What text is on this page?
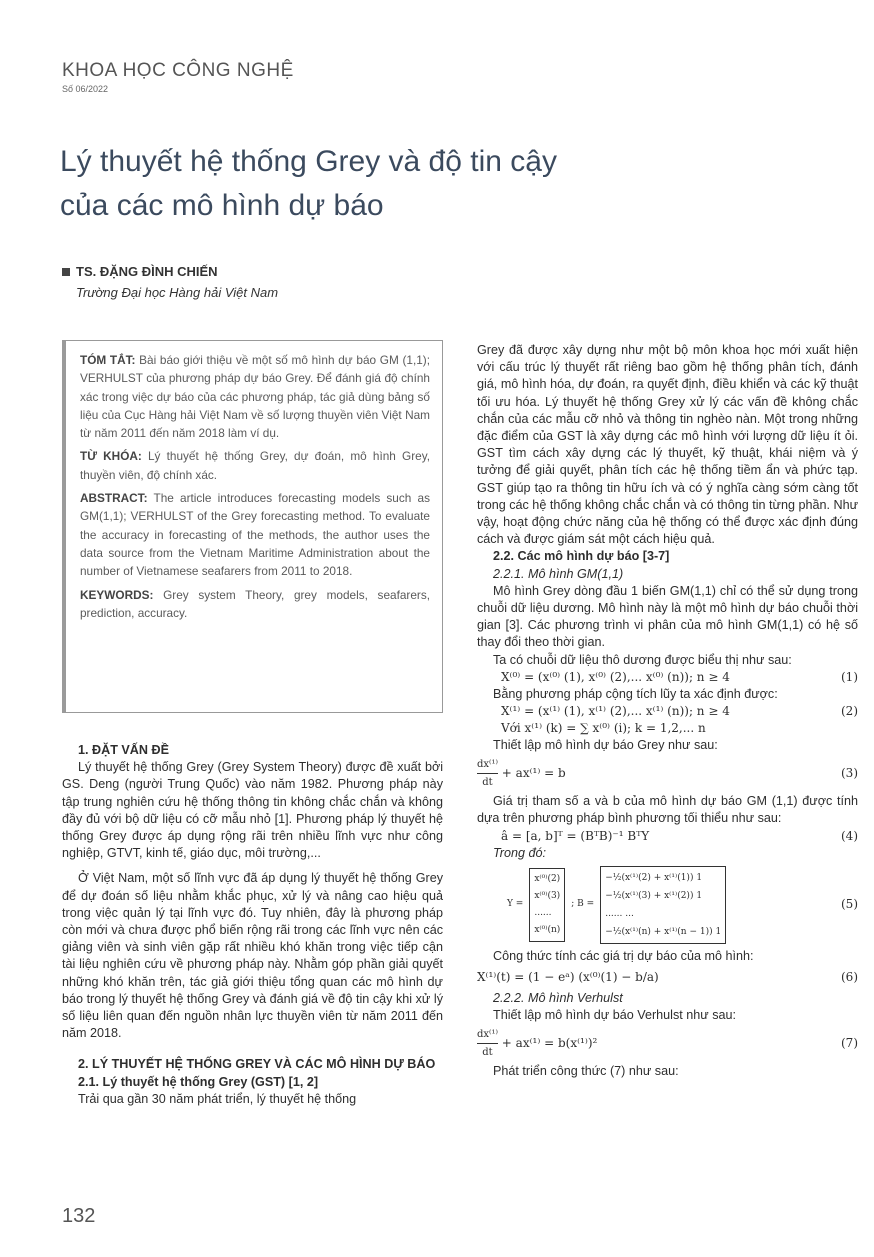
KHOA HỌC CÔNG NGHỆ
Số 06/2022
Lý thuyết hệ thống Grey và độ tin cậy
của các mô hình dự báo
TS. ĐẶNG ĐÌNH CHIẾN
Trường Đại học Hàng hải Việt Nam

TÓM TẮT: Bài báo giới thiệu về một số mô hình dự báo GM (1,1); VERHULST của phương pháp dự báo Grey. Để đánh giá độ chính xác trong việc dự báo của các phương pháp, tác giả dùng bảng số liệu của Cục Hàng hải Việt Nam về số lượng thuyền viên Việt Nam từ năm 2011 đến năm 2018 làm ví dụ.

TỪ KHÓA: Lý thuyết hệ thống Grey, dự đoán, mô hình Grey, thuyền viên, độ chính xác.

ABSTRACT: The article introduces forecasting models such as GM(1,1); VERHULST of the Grey forecasting method. To evaluate the accuracy in forecasting of the methods, the author uses the data source from the Vietnam Maritime Administration about the number of Vietnamese seafarers from 2011 to 2018.

KEYWORDS: Grey system Theory, grey models, seafarers, prediction, accuracy.

1. ĐẶT VẤN ĐỀ

Lý thuyết hệ thống Grey (Grey System Theory) được đề xuất bởi GS. Deng (người Trung Quốc) vào năm 1982. Phương pháp này tập trung nghiên cứu hệ thống thông tin không chắc chắn và không đầy đủ với bộ dữ liệu có cỡ mẫu nhỏ [1]. Phương pháp lý thuyết hệ thống Grey được áp dụng rộng rãi trên nhiều lĩnh vực như công nghiệp, GTVT, kinh tế, giáo dục, môi trường,...

Ở Việt Nam, một số lĩnh vực đã áp dụng lý thuyết hệ thống Grey để dự đoán số liệu nhằm khắc phục, xử lý và nâng cao hiệu quả trong việc quản lý tại lĩnh vực đó. Tuy nhiên, đây là phương pháp còn mới và chưa được phổ biến rộng rãi trong các lĩnh vực nên các giảng viên và sinh viên gặp rất nhiều khó khăn trong việc tiếp cận tài liệu nghiên cứu về phương pháp này. Nhằm góp phần giải quyết những khó khăn trên, tác giả giới thiệu tổng quan các mô hình dự báo trong lý thuyết hệ thống Grey và đánh giá về độ tin cậy khi xử lý số liệu liên quan đến nguồn nhân lực thuyền viên từ năm 2011 đến năm 2018.

2. LÝ THUYẾT HỆ THỐNG GREY VÀ CÁC MÔ HÌNH DỰ BÁO

2.1. Lý thuyết hệ thống Grey (GST) [1, 2]

Trải qua gần 30 năm phát triển, lý thuyết hệ thống

Grey đã được xây dựng như một bộ môn khoa học mới xuất hiện với cấu trúc lý thuyết rất riêng bao gồm hệ thống phân tích, đánh giá, mô hình hóa, dự đoán, ra quyết định, điều khiển và các kỹ thuật tối ưu hóa. Lý thuyết hệ thống Grey xử lý các vấn đề không chắc chắn của các mẫu cỡ nhỏ và thông tin nghèo nàn. Một trong những đặc điểm của GST là xây dựng các mô hình với lượng dữ liệu ít ỏi. GST tìm cách xây dựng các lý thuyết, kỹ thuật, khái niệm và ý tưởng để giải quyết, phân tích các hệ thống tiềm ẩn và phức tạp. GST giúp tạo ra thông tin hữu ích và có ý nghĩa càng sớm càng tốt trong các hệ thống không chắc chắn và có thông tin từng phần. Như vậy, hoạt động chức năng của hệ thống có thể được xác định đúng cách và được giám sát một cách hiệu quả.

2.2. Các mô hình dự báo [3-7]

2.2.1. Mô hình GM(1,1)

Mô hình Grey dòng đầu 1 biến GM(1,1) chỉ có thể sử dụng trong chuỗi dữ liệu dương. Mô hình này là một mô hình dự báo chuỗi thời gian [3]. Các phương trình vi phân của mô hình GM(1,1) có hệ số thay đổi theo thời gian.

Ta có chuỗi dữ liệu thô dương được biểu thị như sau:

X⁽⁰⁾ = (x⁽⁰⁾ (1), x⁽⁰⁾ (2),... x⁽⁰⁾ (n)); n ≥ 4	(1)

Bằng phương pháp cộng tích lũy ta xác định được:

X⁽¹⁾ = (x⁽¹⁾ (1), x⁽¹⁾ (2),... x⁽¹⁾ (n)); n ≥ 4	(2)
Với x⁽¹⁾ (k) = ∑ x⁽⁰⁾ (i); k = 1,2,... n

Thiết lập mô hình dự báo Grey như sau:

$\frac{\text{dx⁽¹⁾}}{dt} + ax^{(1)} = b$	(3)

Giá trị tham số a và b của mô hình dự báo GM (1,1) được tính dựa trên phương pháp bình phương tối thiểu như sau:

â = [a, b]ᵀ = (BᵀB)⁻¹ BᵀY	(4)

Trong đó:

Y =
x⁽⁰⁾(2)
x⁽⁰⁾(3)
......
x⁽⁰⁾(n)
; B =
−½(x⁽¹⁾(2) + x⁽¹⁾(1)) 1
−½(x⁽¹⁾(3) + x⁽¹⁾(2)) 1
...... ...
−½(x⁽¹⁾(n) + x⁽¹⁾(n − 1)) 1
(5)

Công thức tính các giá trị dự báo của mô hình:

X⁽¹⁾(t) = (1 − eᵃ) (x⁽⁰⁾(1) − b/a)	(6)

2.2.2. Mô hình Verhulst

Thiết lập mô hình dự báo Verhulst như sau:

$\frac{\text{dx⁽¹⁾}}{dt} + ax^{(1)} = b(x^{(1)})^2$	(7)

Phát triển công thức (7) như sau:

132
